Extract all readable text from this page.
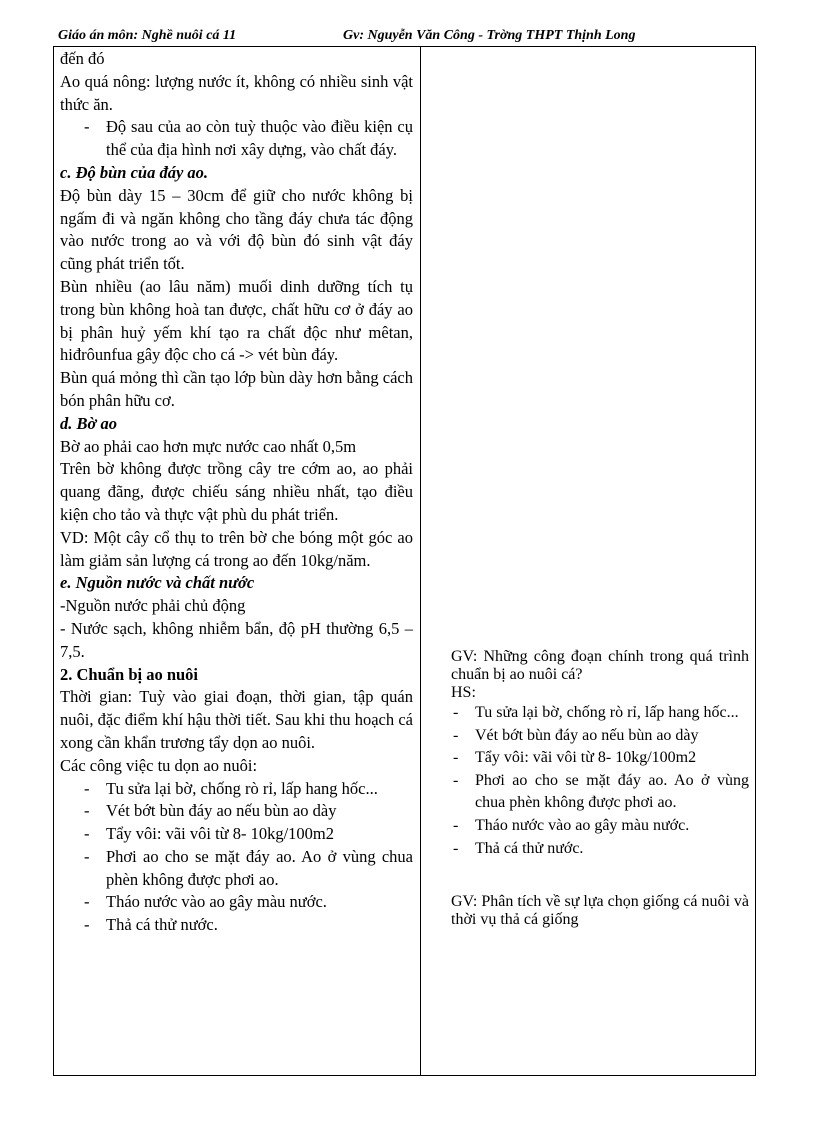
Giáo án môn: Nghề nuôi cá 11	Gv: Nguyễn Văn Công - Trờng THPT Thịnh Long

đến đó

Ao quá nông: lượng nước ít, không có nhiều sinh vật thức ăn.

- Độ sau của ao còn tuỳ thuộc vào điều kiện cụ thể của địa hình nơi xây dựng, vào chất đáy.

c. Độ bùn của đáy ao.

Độ bùn dày 15 – 30cm để giữ cho nước không bị ngấm đi và ngăn không cho tầng đáy chưa tác động vào nước trong ao và với độ bùn đó sinh vật đáy cũng phát triển tốt.

Bùn nhiều (ao lâu năm) muối dinh dưỡng tích tụ trong bùn không hoà tan được, chất hữu cơ ở đáy ao bị phân huỷ yếm khí tạo ra chất độc như mêtan, hiđrôunfua gây độc cho cá -> vét bùn đáy.

Bùn quá mỏng thì cần tạo lớp bùn dày hơn bằng cách bón phân hữu cơ.

d. Bờ ao

Bờ ao phải cao hơn mực nước cao nhất 0,5m

Trên bờ không được trồng cây tre cớm ao, ao phải quang đãng, được chiếu sáng nhiều nhất, tạo điều kiện cho tảo và thực vật phù du phát triển.

VD: Một cây cổ thụ to trên bờ che bóng một góc ao làm giảm sản lượng cá trong ao đến 10kg/năm.

e. Nguồn nước và chất nước

-Nguồn nước phải chủ động

- Nước sạch, không nhiễm bẩn, độ pH thường 6,5 – 7,5.

2. Chuẩn bị ao nuôi

Thời gian: Tuỳ vào giai đoạn, thời gian, tập quán nuôi, đặc điểm khí hậu thời tiết. Sau khi thu hoạch cá xong cần khẩn trương tẩy dọn ao nuôi.

Các công việc tu dọn ao nuôi:

- Tu sửa lại bờ, chống rò rỉ, lấp hang hốc...
- Vét bớt bùn đáy ao nếu bùn ao dày
- Tẩy vôi: vãi vôi từ 8- 10kg/100m2
- Phơi ao cho se mặt đáy ao. Ao ở vùng chua phèn không được phơi ao.
- Tháo nước vào ao gây màu nước.
- Thả cá thử nước.

GV: Những công đoạn chính trong quá trình chuẩn bị ao nuôi cá?

HS:

- Tu sửa lại bờ, chống rò rỉ, lấp hang hốc...
- Vét bớt bùn đáy ao nếu bùn ao dày
- Tẩy vôi: vãi vôi từ 8- 10kg/100m2
- Phơi ao cho se mặt đáy ao. Ao ở vùng chua phèn không được phơi ao.
- Tháo nước vào ao gây màu nước.
- Thả cá thử nước.

GV: Phân tích về sự lựa chọn giống cá nuôi và thời vụ thả cá giống
